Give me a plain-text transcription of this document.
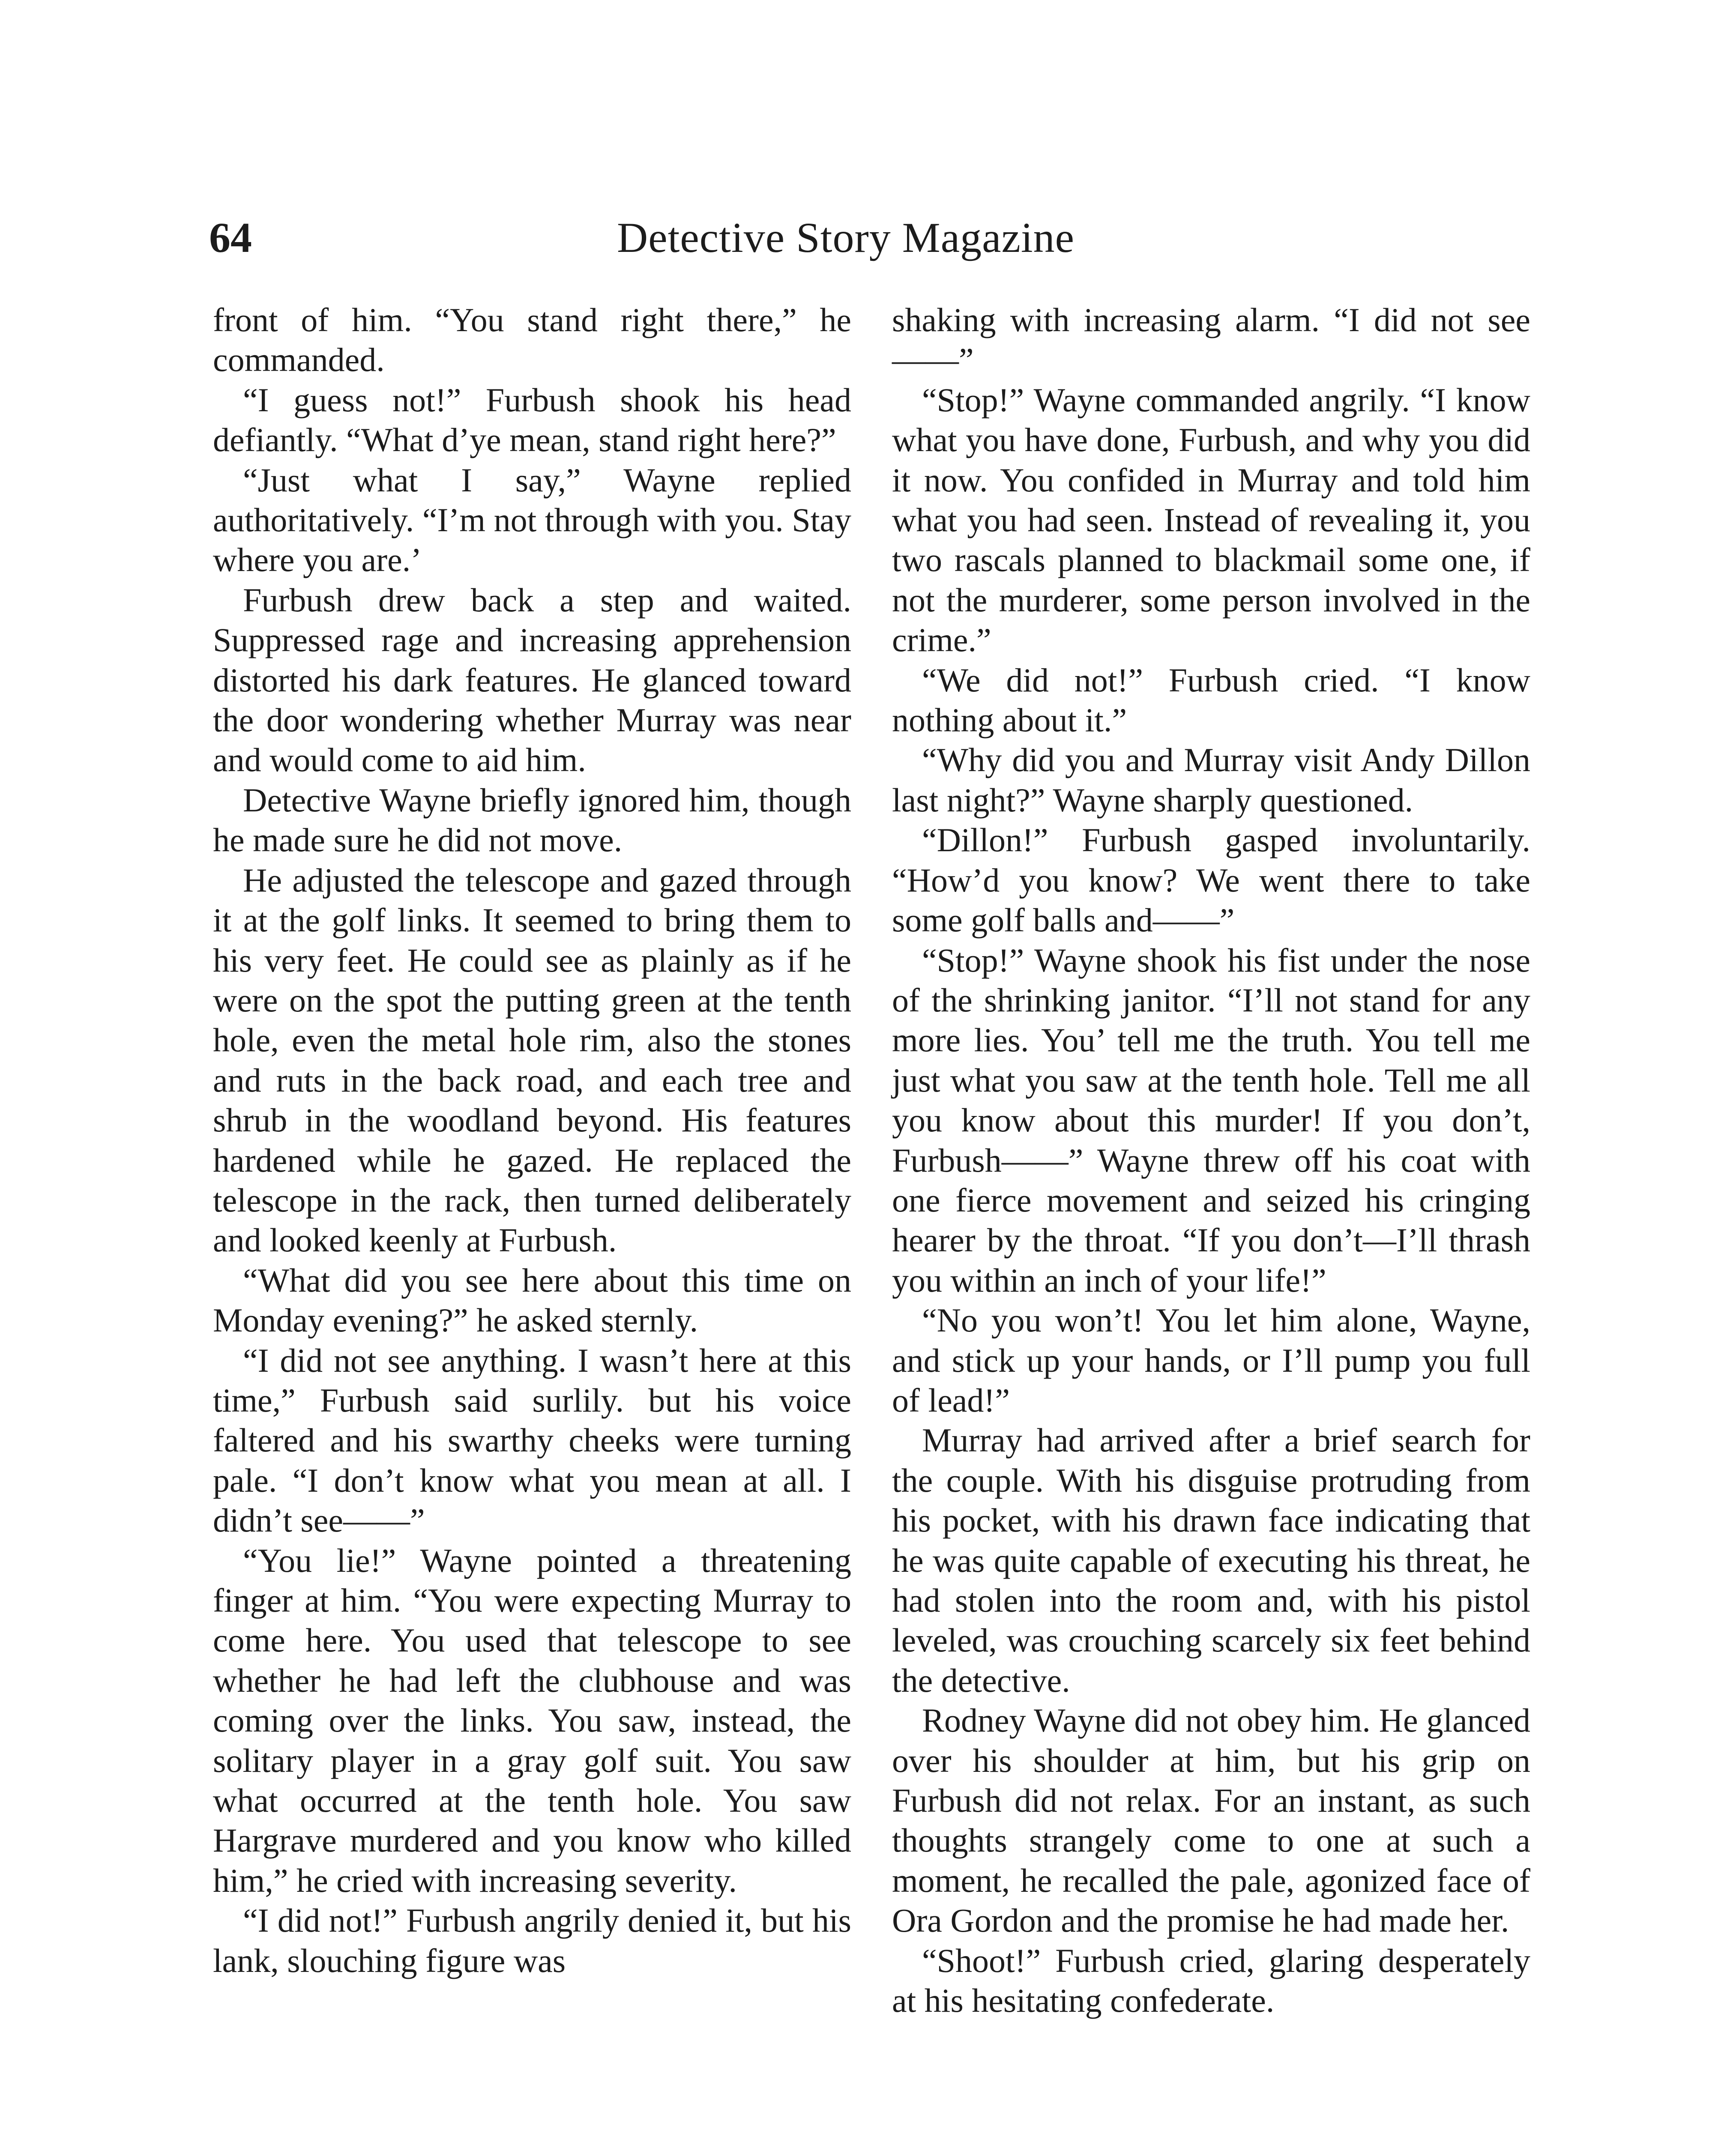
64	Detective Story Magazine

front of him. “You stand right there,” he commanded.

“I guess not!” Furbush shook his head defiantly. “What d’ye mean, stand right here?”

“Just what I say,” Wayne replied authoritatively. “I’m not through with you. Stay where you are.’

Furbush drew back a step and waited. Suppressed rage and increasing apprehension distorted his dark features. He glanced toward the door wondering whether Murray was near and would come to aid him.

Detective Wayne briefly ignored him, though he made sure he did not move.

He adjusted the telescope and gazed through it at the golf links. It seemed to bring them to his very feet. He could see as plainly as if he were on the spot the putting green at the tenth hole, even the metal hole rim, also the stones and ruts in the back road, and each tree and shrub in the woodland beyond. His features hardened while he gazed. He replaced the telescope in the rack, then turned deliberately and looked keenly at Furbush.

“What did you see here about this time on Monday evening?” he asked sternly.

“I did not see anything. I wasn’t here at this time,” Furbush said surlily. but his voice faltered and his swarthy cheeks were turning pale. “I don’t know what you mean at all. I didn’t see——”

“You lie!” Wayne pointed a threatening finger at him. “You were expecting Murray to come here. You used that telescope to see whether he had left the clubhouse and was coming over the links. You saw, instead, the solitary player in a gray golf suit. You saw what occurred at the tenth hole. You saw Hargrave murdered and you know who killed him,” he cried with increasing severity.

“I did not!” Furbush angrily denied it, but his lank, slouching figure was

shaking with increasing alarm. “I did not see——”

“Stop!” Wayne commanded angrily. “I know what you have done, Furbush, and why you did it now. You confided in Murray and told him what you had seen. Instead of revealing it, you two rascals planned to blackmail some one, if not the murderer, some person involved in the crime.”

“We did not!” Furbush cried. “I know nothing about it.”

“Why did you and Murray visit Andy Dillon last night?” Wayne sharply questioned.

“Dillon!” Furbush gasped involuntarily. “How’d you know? We went there to take some golf balls and——”

“Stop!” Wayne shook his fist under the nose of the shrinking janitor. “I’ll not stand for any more lies. You’ tell me the truth. You tell me just what you saw at the tenth hole. Tell me all you know about this murder! If you don’t, Furbush——” Wayne threw off his coat with one fierce movement and seized his cringing hearer by the throat. “If you don’t—I’ll thrash you within an inch of your life!”

“No you won’t! You let him alone, Wayne, and stick up your hands, or I’ll pump you full of lead!”

Murray had arrived after a brief search for the couple. With his disguise protruding from his pocket, with his drawn face indicating that he was quite capable of executing his threat, he had stolen into the room and, with his pistol leveled, was crouching scarcely six feet behind the detective.

Rodney Wayne did not obey him. He glanced over his shoulder at him, but his grip on Furbush did not relax. For an instant, as such thoughts strangely come to one at such a moment, he recalled the pale, agonized face of Ora Gordon and the promise he had made her.

“Shoot!” Furbush cried, glaring desperately at his hesitating confederate.
